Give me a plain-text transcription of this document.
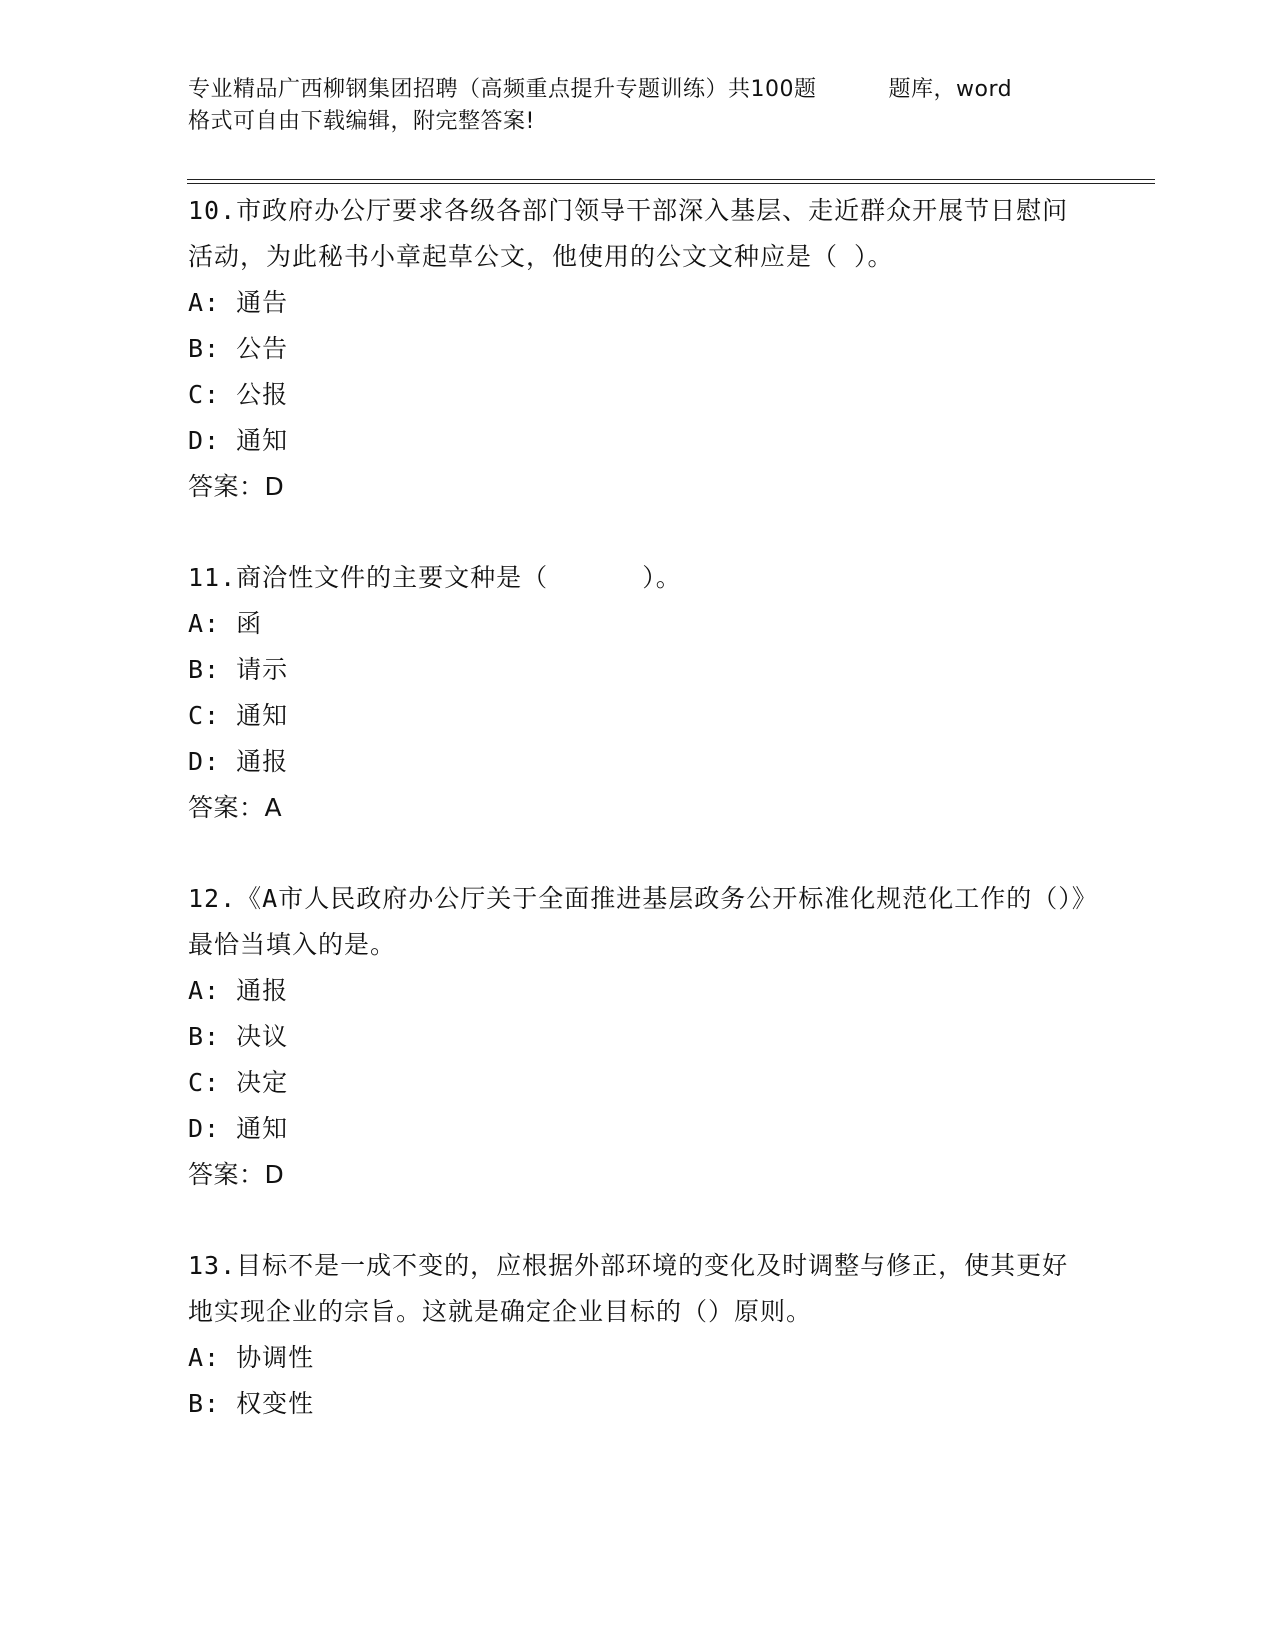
专业精品广西柳钢集团招聘（高频重点提升专题训练）共100题	题库，word
格式可自由下载编辑，附完整答案!

10.市政府办公厅要求各级各部门领导干部深入基层、走近群众开展节日慰问活动，为此秘书小章起草公文，他使用的公文文种应是（ ）。

A: 通告

B: 公告

C: 公报

D: 通知

答案：D

11.商洽性文件的主要文种是（　　　 ）。

A: 函

B: 请示

C: 通知

D: 通报

答案：A

12.《A市人民政府办公厅关于全面推进基层政务公开标准化规范化工作的（）》最恰当填入的是。

A: 通报

B: 决议

C: 决定

D: 通知

答案：D

13.目标不是一成不变的，应根据外部环境的变化及时调整与修正，使其更好地实现企业的宗旨。这就是确定企业目标的（）原则。

A: 协调性

B: 权变性
